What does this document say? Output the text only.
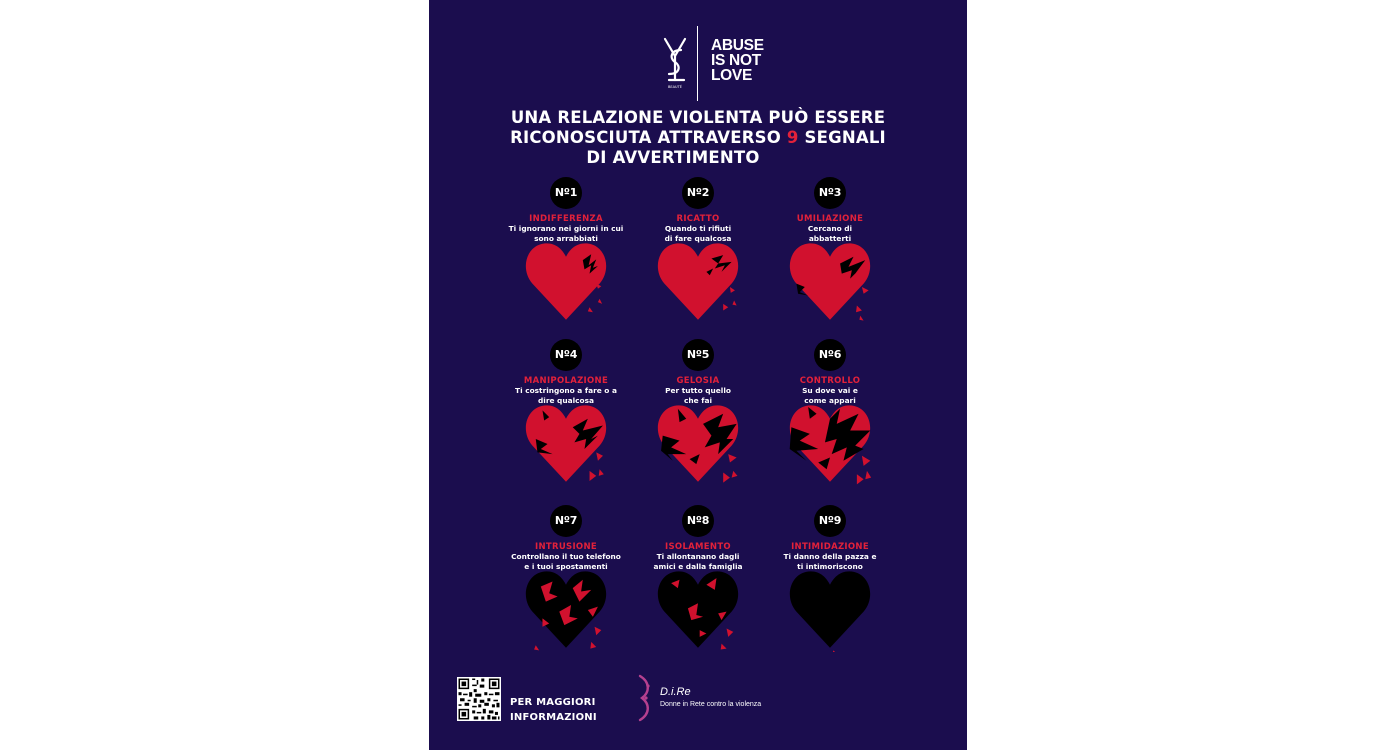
BEAUTÉ
ABUSE
IS NOT
LOVE
UNA RELAZIONE VIOLENTA PUÒ ESSERE
RICONOSCIUTA ATTRAVERSO 9 SEGNALI
DI AVVERTIMENTO
Nº1
INDIFFERENZA
Ti ignorano nei giorni in cui
sono arrabbiati
Nº2
RICATTO
Quando ti rifiuti
di fare qualcosa
Nº3
UMILIAZIONE
Cercano di
abbatterti
Nº4
MANIPOLAZIONE
Ti costringono a fare o a
dire qualcosa
Nº5
GELOSIA
Per tutto quello
che fai
Nº6
CONTROLLO
Su dove vai e
come appari
Nº7
INTRUSIONE
Controllano il tuo telefono
e i tuoi spostamenti
Nº8
ISOLAMENTO
Ti allontanano dagli
amici e dalla famiglia
Nº9
INTIMIDAZIONE
Ti danno della pazza e
ti intimoriscono
PER MAGGIORI
INFORMAZIONI
D.i.Re
Donne in Rete contro la violenza
